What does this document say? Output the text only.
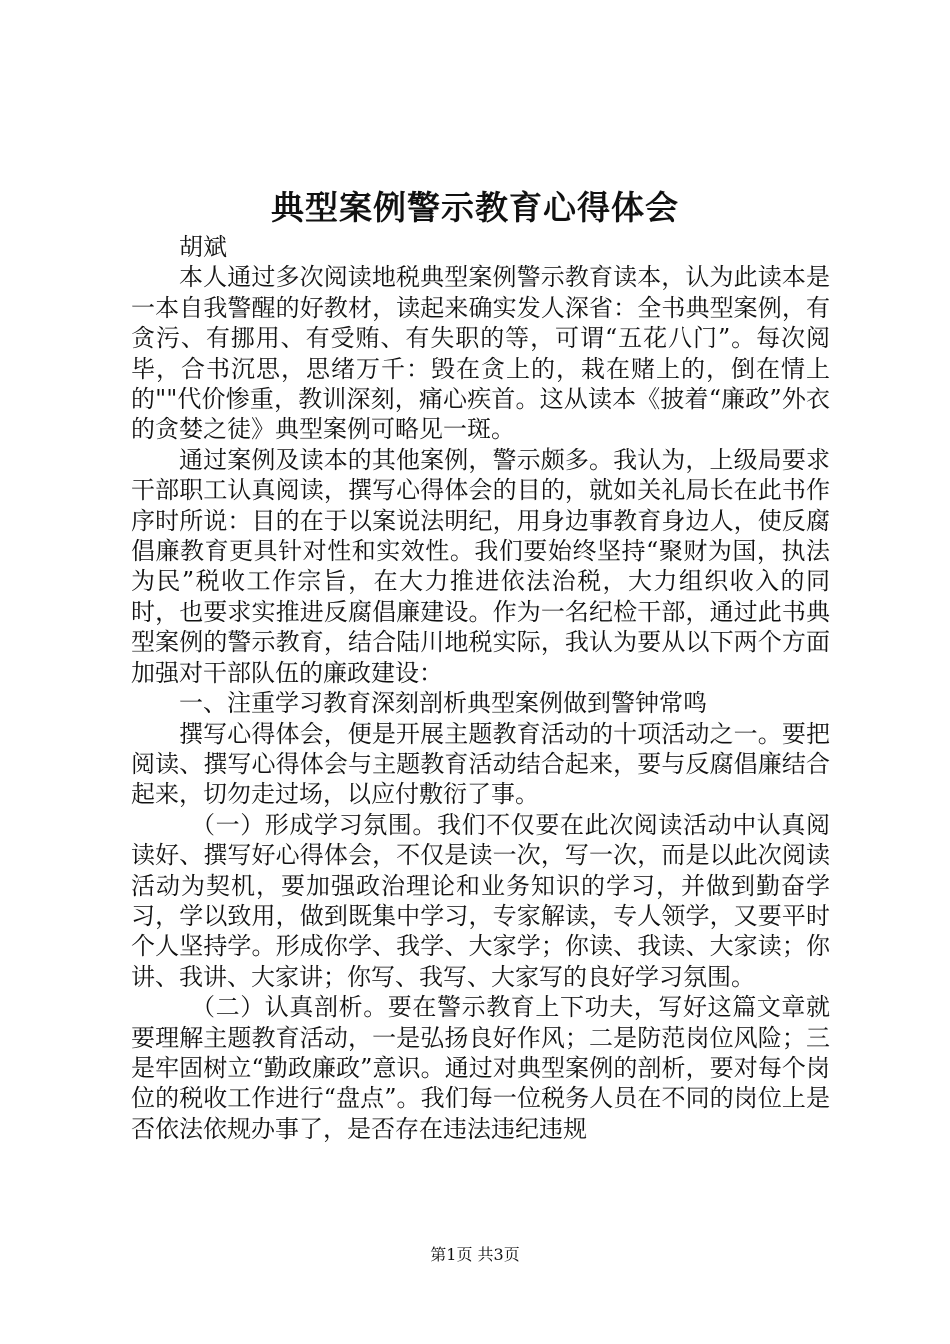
典型案例警示教育心得体会

胡斌

本人通过多次阅读地税典型案例警示教育读本，认为此读本是一本自我警醒的好教材，读起来确实发人深省：全书典型案例，有贪污、有挪用、有受贿、有失职的等，可谓“五花八门”。每次阅毕，合书沉思，思绪万千：毁在贪上的，栽在赌上的，倒在情上的""代价惨重，教训深刻，痛心疾首。这从读本《披着“廉政”外衣的贪婪之徒》典型案例可略见一斑。

通过案例及读本的其他案例，警示颇多。我认为，上级局要求干部职工认真阅读，撰写心得体会的目的，就如关礼局长在此书作序时所说：目的在于以案说法明纪，用身边事教育身边人，使反腐倡廉教育更具针对性和实效性。我们要始终坚持“聚财为国，执法为民”税收工作宗旨，在大力推进依法治税，大力组织收入的同时，也要求实推进反腐倡廉建设。作为一名纪检干部，通过此书典型案例的警示教育，结合陆川地税实际，我认为要从以下两个方面加强对干部队伍的廉政建设：

一、注重学习教育深刻剖析典型案例做到警钟常鸣

撰写心得体会，便是开展主题教育活动的十项活动之一。要把阅读、撰写心得体会与主题教育活动结合起来，要与反腐倡廉结合起来，切勿走过场，以应付敷衍了事。

（一）形成学习氛围。我们不仅要在此次阅读活动中认真阅读好、撰写好心得体会，不仅是读一次，写一次，而是以此次阅读活动为契机，要加强政治理论和业务知识的学习，并做到勤奋学习，学以致用，做到既集中学习，专家解读，专人领学，又要平时个人坚持学。形成你学、我学、大家学；你读、我读、大家读；你讲、我讲、大家讲；你写、我写、大家写的良好学习氛围。

（二）认真剖析。要在警示教育上下功夫，写好这篇文章就要理解主题教育活动，一是弘扬良好作风；二是防范岗位风险；三是牢固树立“勤政廉政”意识。通过对典型案例的剖析，要对每个岗位的税收工作进行“盘点”。我们每一位税务人员在不同的岗位上是否依法依规办事了，是否存在违法违纪违规

第1页 共3页
